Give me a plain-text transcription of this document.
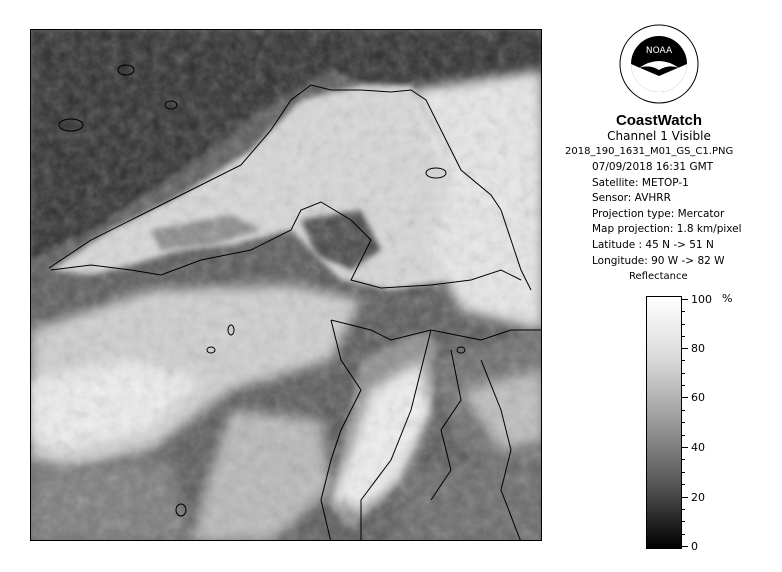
NOAA
CoastWatch
Channel 1 Visible
2018_190_1631_M01_GS_C1.PNG
07/09/2018 16:31 GMT
Satellite: METOP-1
Sensor: AVHRR
Projection type: Mercator
Map projection: 1.8 km/pixel
Latitude : 45 N -> 51 N
Longitude: 90 W -> 82 W
Reflectance
%
100
80
60
40
20
0
